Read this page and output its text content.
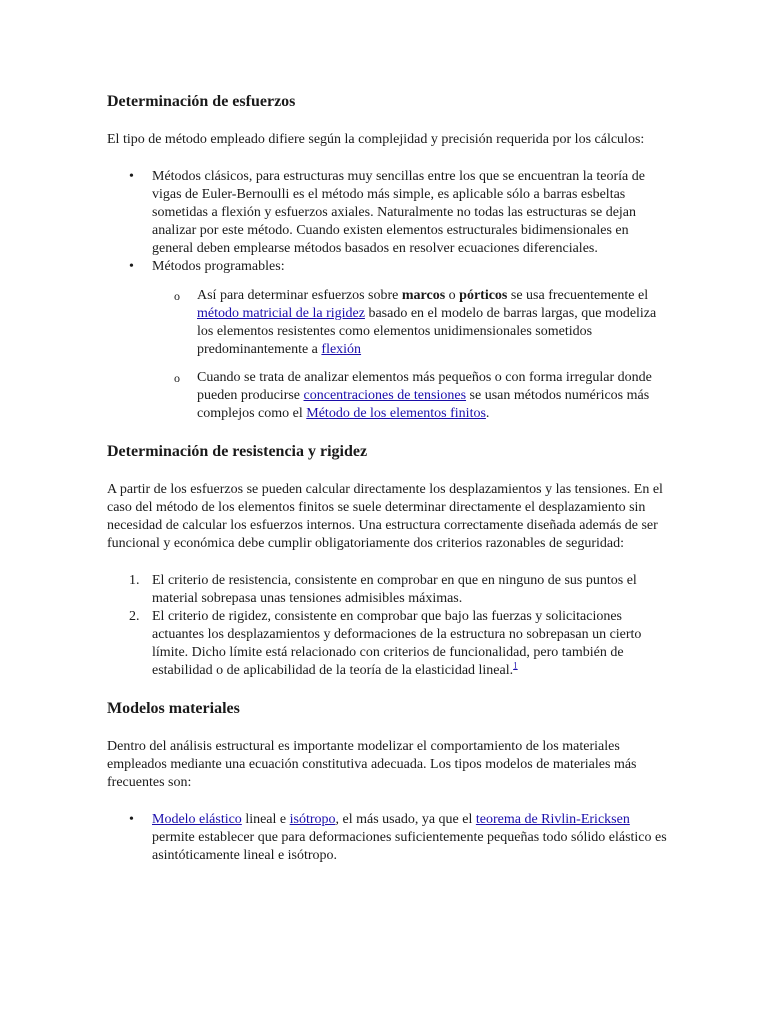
Determinación de esfuerzos

El tipo de método empleado difiere según la complejidad y precisión requerida por los cálculos:

• Métodos clásicos, para estructuras muy sencillas entre los que se encuentran la teoría de vigas de Euler-Bernoulli es el método más simple, es aplicable sólo a barras esbeltas sometidas a flexión y esfuerzos axiales. Naturalmente no todas las estructuras se dejan analizar por este método. Cuando existen elementos estructurales bidimensionales en general deben emplearse métodos basados en resolver ecuaciones diferenciales.
• Métodos programables:
o Así para determinar esfuerzos sobre marcos o pórticos se usa frecuentemente el método matricial de la rigidez basado en el modelo de barras largas, que modeliza los elementos resistentes como elementos unidimensionales sometidos predominantemente a flexión
o Cuando se trata de analizar elementos más pequeños o con forma irregular donde pueden producirse concentraciones de tensiones se usan métodos numéricos más complejos como el Método de los elementos finitos.
Determinación de resistencia y rigidez

A partir de los esfuerzos se pueden calcular directamente los desplazamientos y las tensiones. En el caso del método de los elementos finitos se suele determinar directamente el desplazamiento sin necesidad de calcular los esfuerzos internos. Una estructura correctamente diseñada además de ser funcional y económica debe cumplir obligatoriamente dos criterios razonables de seguridad:

1. El criterio de resistencia, consistente en comprobar en que en ninguno de sus puntos el material sobrepasa unas tensiones admisibles máximas.
2. El criterio de rigidez, consistente en comprobar que bajo las fuerzas y solicitaciones actuantes los desplazamientos y deformaciones de la estructura no sobrepasan un cierto límite. Dicho límite está relacionado con criterios de funcionalidad, pero también de estabilidad o de aplicabilidad de la teoría de la elasticidad lineal.$^1$
Modelos materiales

Dentro del análisis estructural es importante modelizar el comportamiento de los materiales empleados mediante una ecuación constitutiva adecuada. Los tipos modelos de materiales más frecuentes son:

• Modelo elástico lineal e isótropo, el más usado, ya que el teorema de Rivlin-Ericksen permite establecer que para deformaciones suficientemente pequeñas todo sólido elástico es asintóticamente lineal e isótropo.
